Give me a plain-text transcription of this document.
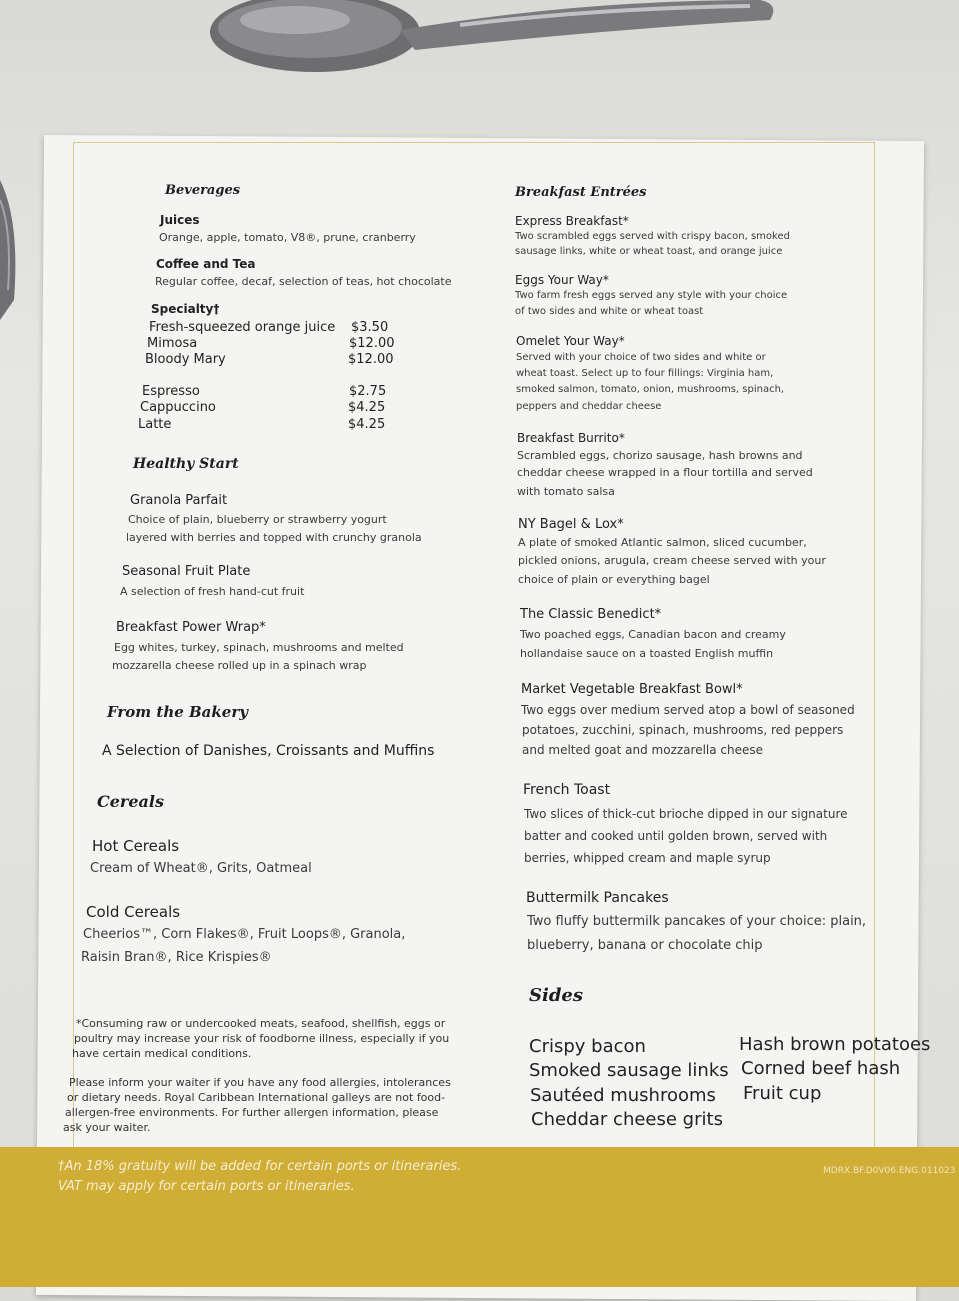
Beverages
Juices
Orange, apple, tomato, V8®, prune, cranberry
Coffee and Tea
Regular coffee, decaf, selection of teas, hot chocolate
Specialty†
Fresh-squeezed orange juice $3.50
Mimosa	$12.00
Bloody Mary	$12.00
Espresso	$2.75
Cappuccino	$4.25
Latte	$4.25
Healthy Start
Granola Parfait
Choice of plain, blueberry or strawberry yogurt
layered with berries and topped with crunchy granola
Seasonal Fruit Plate
A selection of fresh hand-cut fruit
Breakfast Power Wrap*
Egg whites, turkey, spinach, mushrooms and melted
mozzarella cheese rolled up in a spinach wrap
From the Bakery
A Selection of Danishes, Croissants and Muffins
Cereals
Hot Cereals
Cream of Wheat®, Grits, Oatmeal
Cold Cereals
Cheerios™, Corn Flakes®, Fruit Loops®, Granola,
Raisin Bran®, Rice Krispies®
*Consuming raw or undercooked meats, seafood, shellfish, eggs or
poultry may increase your risk of foodborne illness, especially if you
have certain medical conditions.
Please inform your waiter if you have any food allergies, intolerances
or dietary needs. Royal Caribbean International galleys are not food-
allergen-free environments. For further allergen information, please
ask your waiter.
Breakfast Entrées
Express Breakfast*
Two scrambled eggs served with crispy bacon, smoked
sausage links, white or wheat toast, and orange juice
Eggs Your Way*
Two farm fresh eggs served any style with your choice
of two sides and white or wheat toast
Omelet Your Way*
Served with your choice of two sides and white or
wheat toast. Select up to four fillings: Virginia ham,
smoked salmon, tomato, onion, mushrooms, spinach,
peppers and cheddar cheese
Breakfast Burrito*
Scrambled eggs, chorizo sausage, hash browns and
cheddar cheese wrapped in a flour tortilla and served
with tomato salsa
NY Bagel & Lox*
A plate of smoked Atlantic salmon, sliced cucumber,
pickled onions, arugula, cream cheese served with your
choice of plain or everything bagel
The Classic Benedict*
Two poached eggs, Canadian bacon and creamy
hollandaise sauce on a toasted English muffin
Market Vegetable Breakfast Bowl*
Two eggs over medium served atop a bowl of seasoned
potatoes, zucchini, spinach, mushrooms, red peppers
and melted goat and mozzarella cheese
French Toast
Two slices of thick-cut brioche dipped in our signature
batter and cooked until golden brown, served with
berries, whipped cream and maple syrup
Buttermilk Pancakes
Two fluffy buttermilk pancakes of your choice: plain,
blueberry, banana or chocolate chip
Sides
Crispy bacon
Smoked sausage links
Sautéed mushrooms
Cheddar cheese grits
Hash brown potatoes
Corned beef hash
Fruit cup
†An 18% gratuity will be added for certain ports or itineraries.
VAT may apply for certain ports or itineraries.
MDRX.BF.D0V06.ENG.011023
